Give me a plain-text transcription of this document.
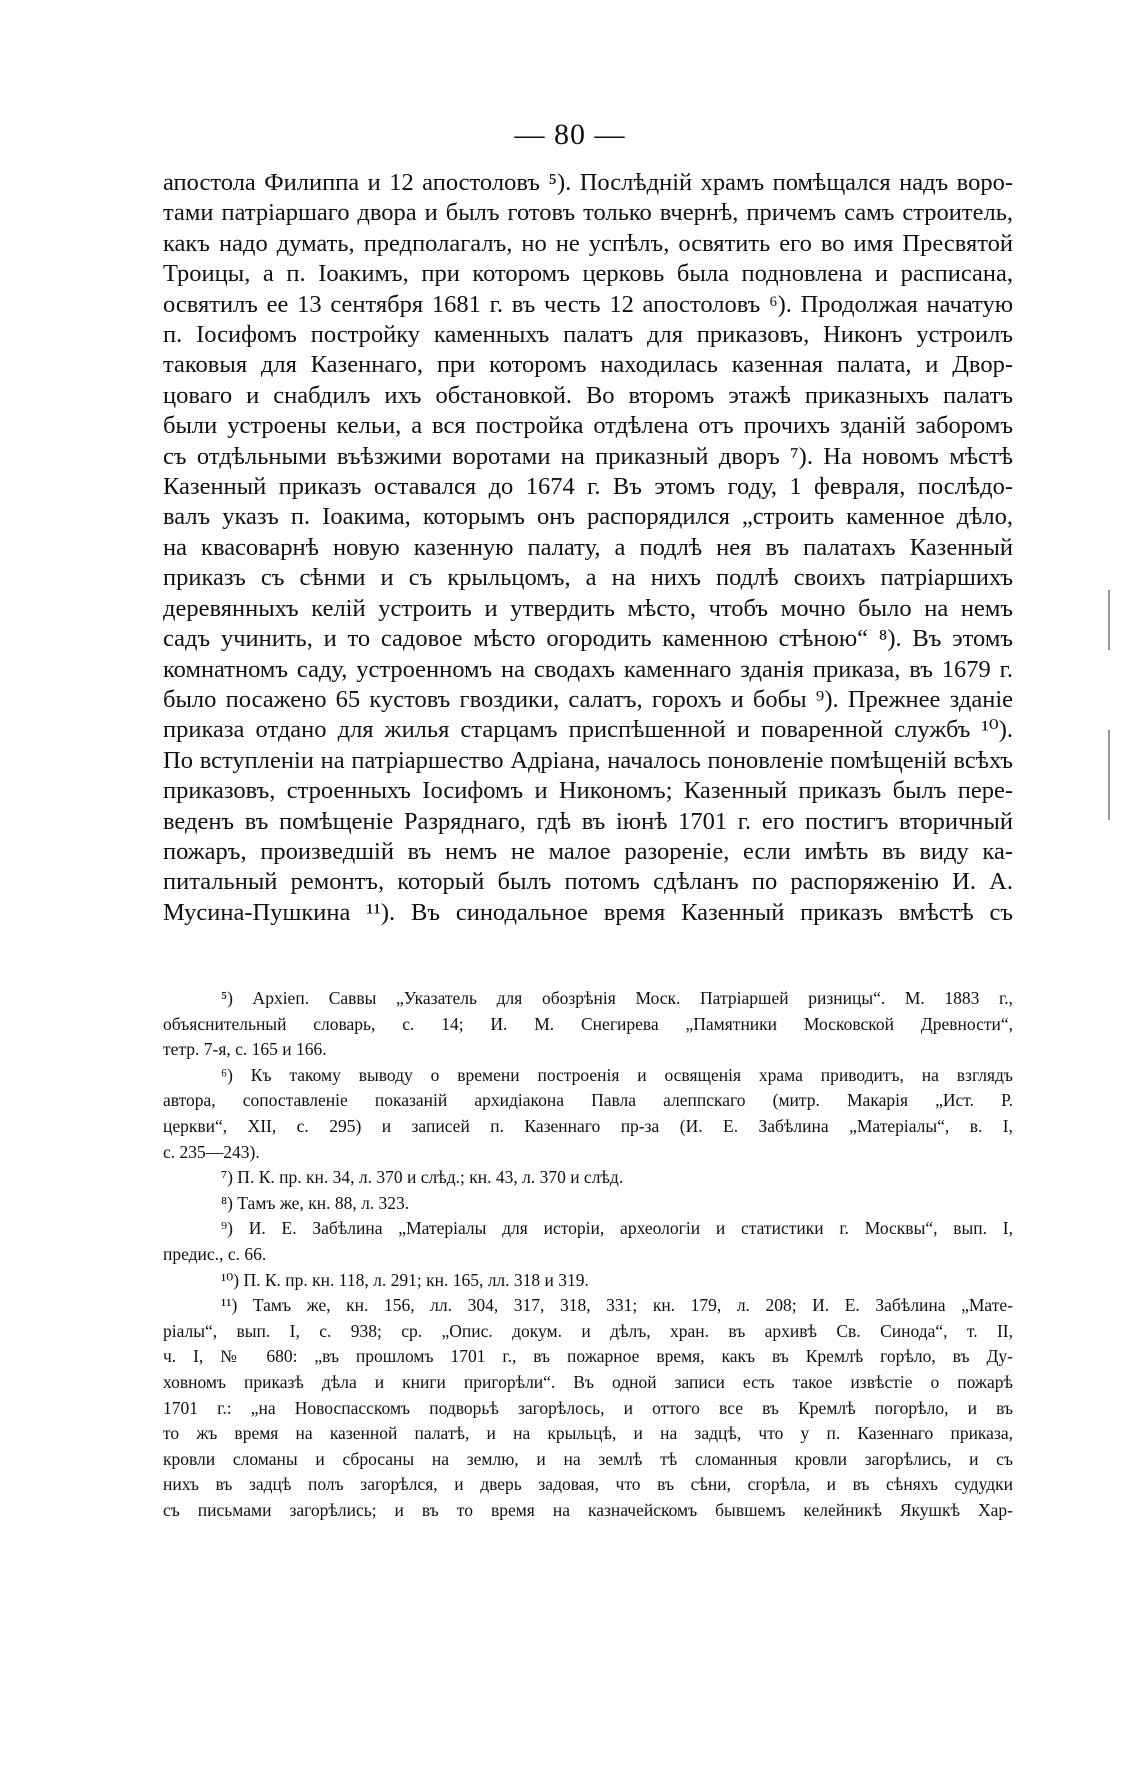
— 80 —
апостола Филиппа и 12 апостоловъ ⁵). Послѣдній храмъ помѣщался надъ воро-
тами патріаршаго двора и былъ готовъ только вчернѣ, причемъ самъ строитель,
какъ надо думать, предполагалъ, но не успѣлъ, освятить его во имя Пресвятой
Троицы, а п. Іоакимъ, при которомъ церковь была подновлена и расписана,
освятилъ ее 13 сентября 1681 г. въ честь 12 апостоловъ ⁶). Продолжая начатую
п. Іосифомъ постройку каменныхъ палатъ для приказовъ, Никонъ устроилъ
таковыя для Казеннаго, при которомъ находилась казенная палата, и Двор-
цоваго и снабдилъ ихъ обстановкой. Во второмъ этажѣ приказныхъ палатъ
были устроены кельи, а вся постройка отдѣлена отъ прочихъ зданій заборомъ
съ отдѣльными въѣзжими воротами на приказный дворъ ⁷). На новомъ мѣстѣ
Казенный приказъ оставался до 1674 г. Въ этомъ году, 1 февраля, послѣдо-
валъ указъ п. Іоакима, которымъ онъ распорядился „строить каменное дѣло,
на квасоварнѣ новую казенную палату, а подлѣ нея въ палатахъ Казенный
приказъ съ сѣнми и съ крыльцомъ, а на нихъ подлѣ своихъ патріаршихъ
деревянныхъ келій устроить и утвердить мѣсто, чтобъ мочно было на немъ
садъ учинить, и то садовое мѣсто огородить каменною стѣною“ ⁸). Въ этомъ
комнатномъ саду, устроенномъ на сводахъ каменнаго зданія приказа, въ 1679 г.
было посажено 65 кустовъ гвоздики, салатъ, горохъ и бобы ⁹). Прежнее зданіе
приказа отдано для жилья старцамъ приспѣшенной и поваренной службъ ¹⁰).
По вступленіи на патріаршество Адріана, началось поновленіе помѣщеній всѣхъ
приказовъ, строенныхъ Іосифомъ и Никономъ; Казенный приказъ былъ пере-
веденъ въ помѣщеніе Разряднаго, гдѣ въ іюнѣ 1701 г. его постигъ вторичный
пожаръ, произведшій въ немъ не малое разореніе, если имѣть въ виду ка-
питальный ремонтъ, который былъ потомъ сдѣланъ по распоряженію И. А.
Мусина-Пушкина ¹¹). Въ синодальное время Казенный приказъ вмѣстѣ съ
⁵) Архіеп. Саввы „Указатель для обозрѣнія Моск. Патріаршей ризницы“. М. 1883 г.,
объяснительный словарь, с. 14; И. М. Снегирева „Памятники Московской Древности“,
тетр. 7-я, с. 165 и 166.
⁶) Къ такому выводу о времени построенія и освященія храма приводитъ, на взглядъ
автора, сопоставленіе показаній архидіакона Павла алеппскаго (митр. Макарія „Ист. Р.
церкви“, XII, с. 295) и записей п. Казеннаго пр-за (И. Е. Забѣлина „Матеріалы“, в. I,
с. 235—243).
⁷) П. К. пр. кн. 34, л. 370 и слѣд.; кн. 43, л. 370 и слѣд.
⁸) Тамъ же, кн. 88, л. 323.
⁹) И. Е. Забѣлина „Матеріалы для исторіи, археологіи и статистики г. Москвы“, вып. I,
предис., с. 66.
¹⁰) П. К. пр. кн. 118, л. 291; кн. 165, лл. 318 и 319.
¹¹) Тамъ же, кн. 156, лл. 304, 317, 318, 331; кн. 179, л. 208; И. Е. Забѣлина „Мате-
ріалы“, вып. I, с. 938; ср. „Опис. докум. и дѣлъ, хран. въ архивѣ Св. Синода“, т. II,
ч. I, № 680: „въ прошломъ 1701 г., въ пожарное время, какъ въ Кремлѣ горѣло, въ Ду-
ховномъ приказѣ дѣла и книги пригорѣли“. Въ одной записи есть такое извѣстіе о пожарѣ
1701 г.: „на Новоспасскомъ подворьѣ загорѣлось, и оттого все въ Кремлѣ погорѣло, и въ
то жъ время на казенной палатѣ, и на крыльцѣ, и на задцѣ, что у п. Казеннаго приказа,
кровли сломаны и сбросаны на землю, и на землѣ тѣ сломанныя кровли загорѣлись, и съ
нихъ въ задцѣ полъ загорѣлся, и дверь задовая, что въ сѣни, сгорѣла, и въ сѣняхъ судудки
съ письмами загорѣлись; и въ то время на казначейскомъ бывшемъ келейникѣ Якушкѣ Хар-
